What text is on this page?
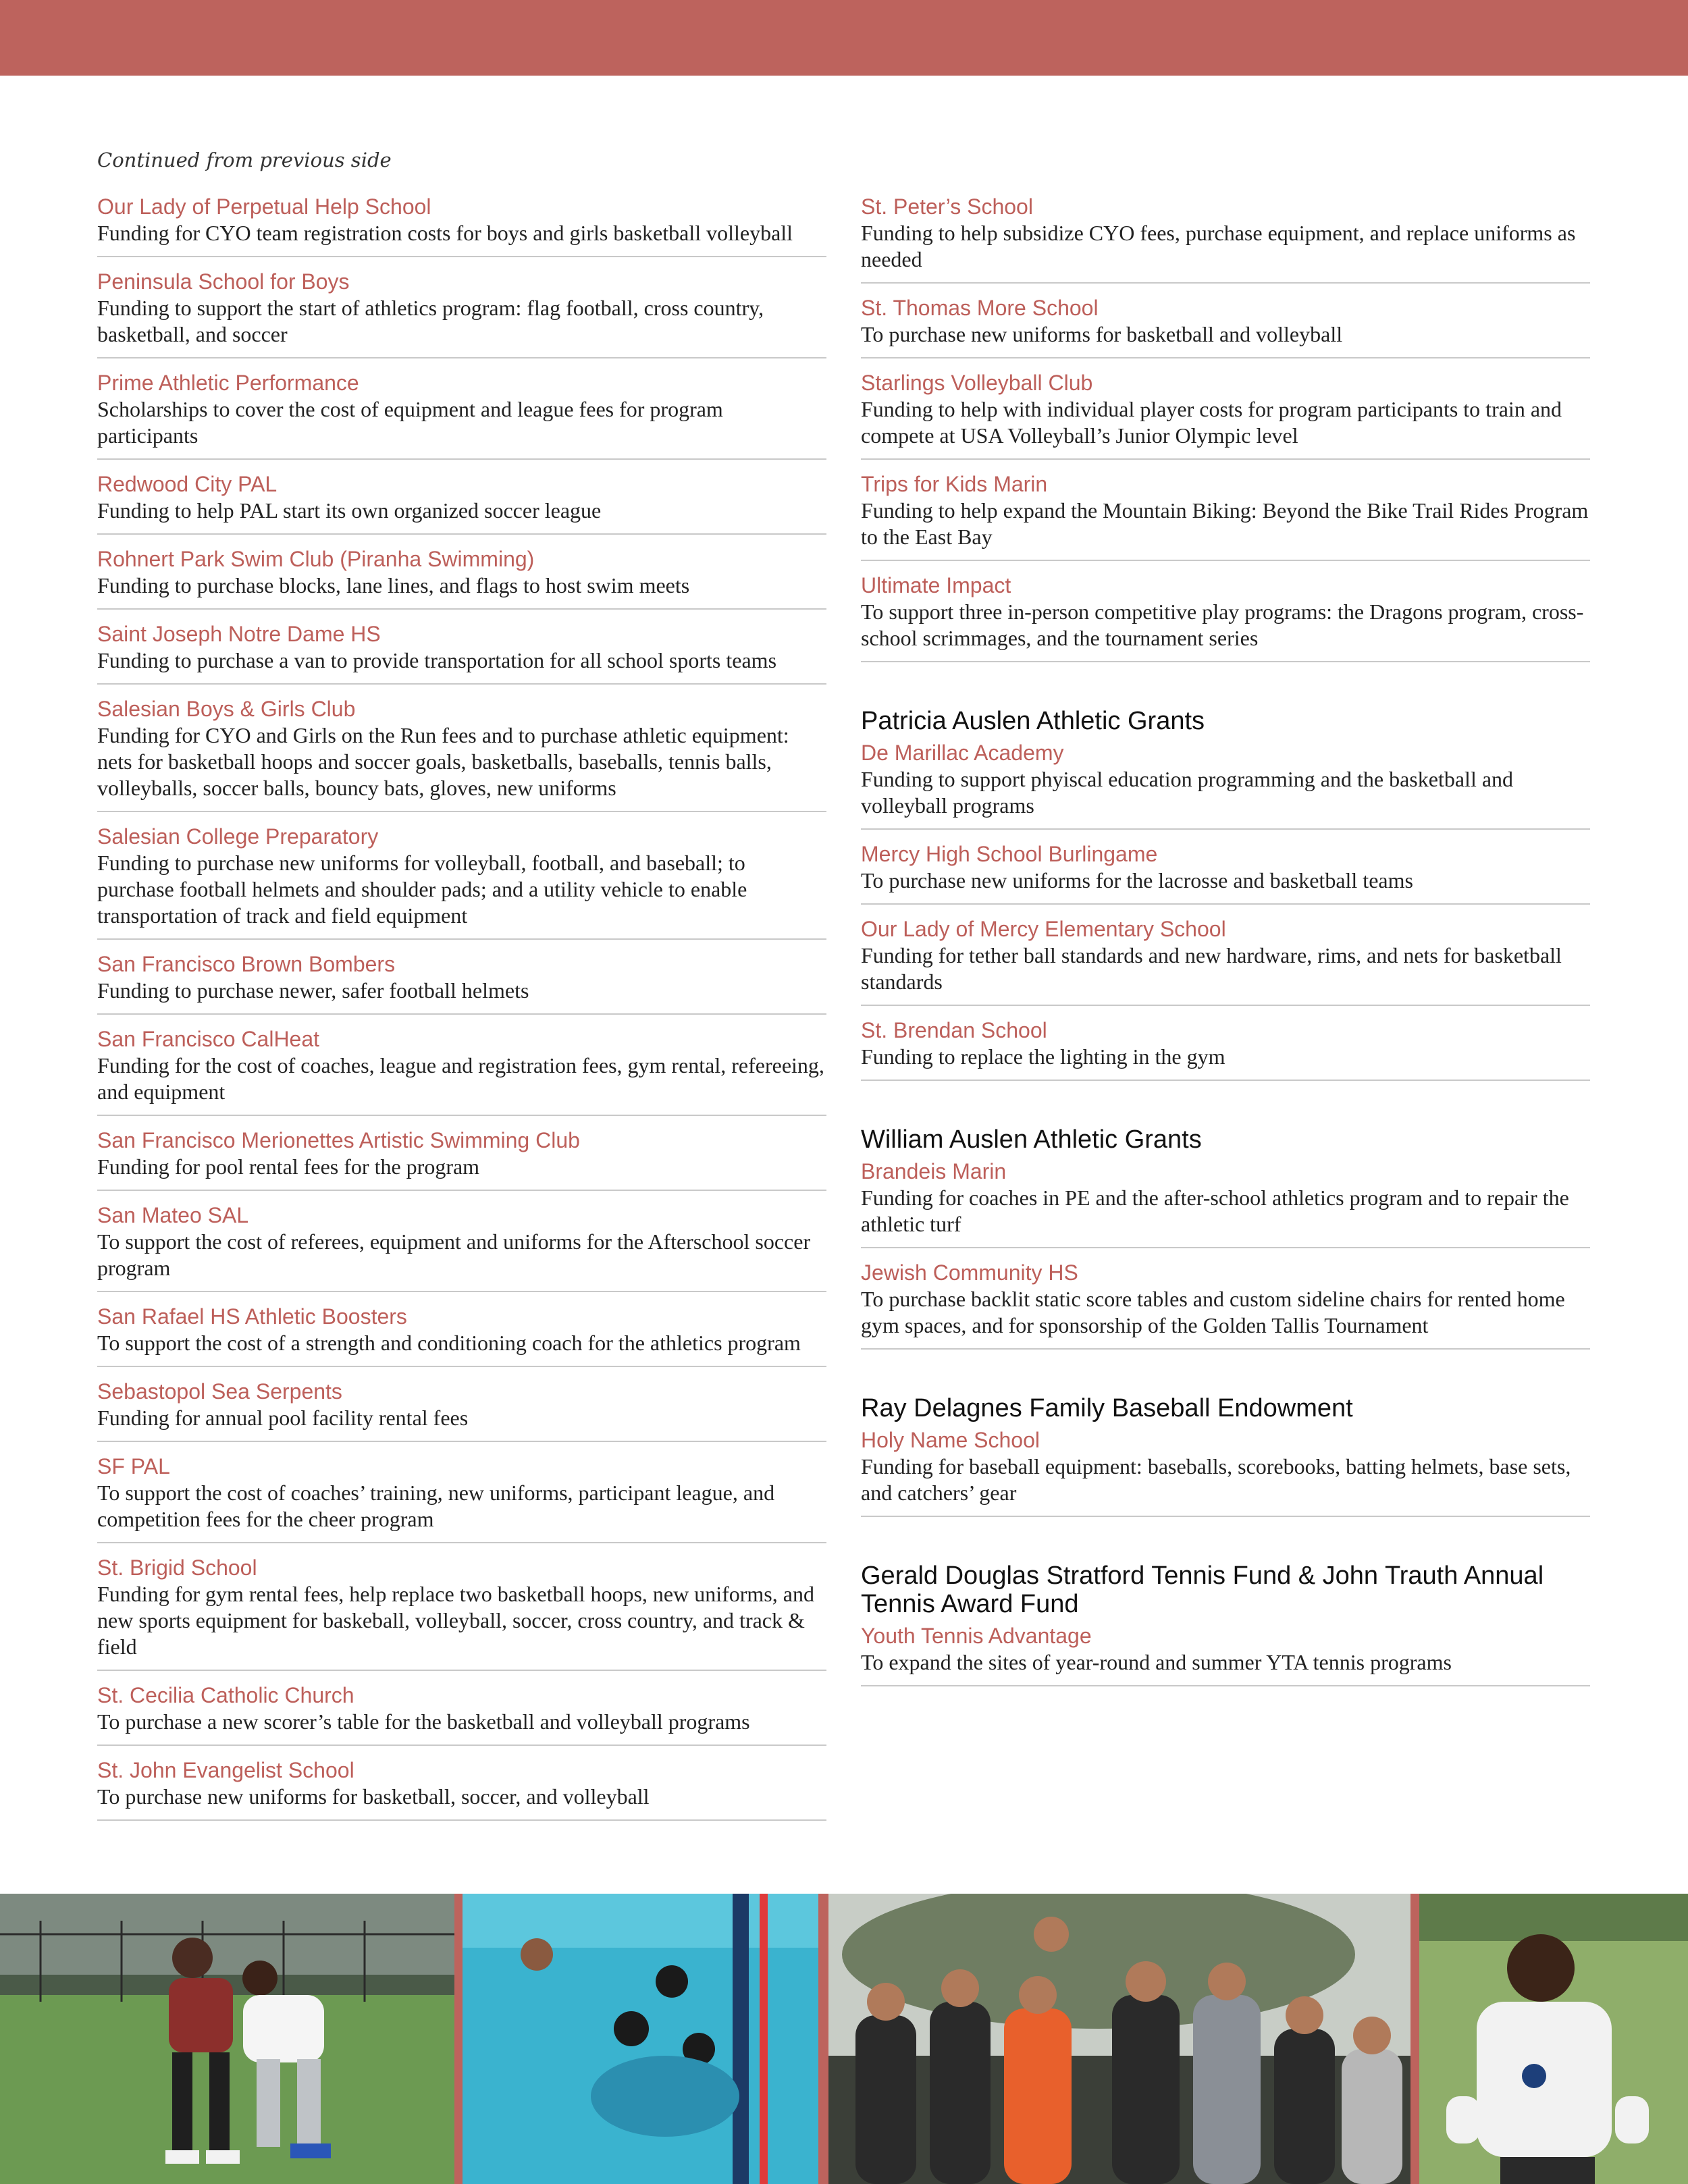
Continued from previous side

Our Lady of Perpetual Help School

Funding for CYO team registration costs for boys and girls basketball volleyball

Peninsula School for Boys

Funding to support the start of athletics program: flag football, cross country, basketball, and soccer

Prime Athletic Performance

Scholarships to cover the cost of equipment and league fees for program participants

Redwood City PAL

Funding to help PAL start its own organized soccer league

Rohnert Park Swim Club (Piranha Swimming)

Funding to purchase blocks, lane lines, and flags to host swim meets

Saint Joseph Notre Dame HS

Funding to purchase a van to provide transportation for all school sports teams

Salesian Boys & Girls Club

Funding for CYO and Girls on the Run fees and to purchase athletic equipment: nets for basketball hoops and soccer goals, basketballs, baseballs, tennis balls, volleyballs, soccer balls, bouncy bats, gloves, new uniforms

Salesian College Preparatory

Funding to purchase new uniforms for volleyball, football, and baseball; to purchase football helmets and shoulder pads; and a utility vehicle to enable transportation of track and field equipment

San Francisco Brown Bombers

Funding to purchase newer, safer football helmets

San Francisco CalHeat

Funding for the cost of coaches, league and registration fees, gym rental, refereeing, and equipment

San Francisco Merionettes Artistic Swimming Club

Funding for pool rental fees for the program

San Mateo SAL

To support the cost of referees, equipment and uniforms for the Afterschool soccer program

San Rafael HS Athletic Boosters

To support the cost of a strength and conditioning coach for the athletics program

Sebastopol Sea Serpents

Funding for annual pool facility rental fees

SF PAL

To support the cost of coaches’ training, new uniforms, participant league, and competition fees for the cheer program

St. Brigid School

Funding for gym rental fees, help replace two basketball hoops, new uniforms, and new sports equipment for baskeball, volleyball, soccer, cross country, and track & field

St. Cecilia Catholic Church

To purchase a new scorer’s table for the basketball and volleyball programs

St. John Evangelist School

To purchase new uniforms for basketball, soccer, and volleyball

St. Peter’s School

Funding to help subsidize CYO fees, purchase equipment, and replace uniforms as needed

St. Thomas More School

To purchase new uniforms for basketball and volleyball

Starlings Volleyball Club

Funding to help with individual player costs for program participants to train and compete at USA Volleyball’s Junior Olympic level

Trips for Kids Marin

Funding to help expand the Mountain Biking: Beyond the Bike Trail Rides Program to the East Bay

Ultimate Impact

To support three in-person competitive play programs: the Dragons program, cross-school scrimmages, and the tournament series

Patricia Auslen Athletic Grants

De Marillac Academy

Funding to support phyiscal education programming and the basketball and volleyball programs

Mercy High School Burlingame

To purchase new uniforms for the lacrosse and basketball teams

Our Lady of Mercy Elementary School

Funding for tether ball standards and new hardware, rims, and nets for basketball standards

St. Brendan School

Funding to replace the lighting in the gym

William Auslen Athletic Grants

Brandeis Marin

Funding for coaches in PE and the after-school athletics program and to repair the athletic turf

Jewish Community HS

To purchase backlit static score tables and custom sideline chairs for rented home gym spaces, and for sponsorship of the Golden Tallis Tournament

Ray Delagnes Family Baseball Endowment

Holy Name School

Funding for baseball equipment: baseballs, scorebooks, batting helmets, base sets, and catchers’ gear

Gerald Douglas Stratford Tennis Fund & John Trauth Annual Tennis Award Fund

Youth Tennis Advantage

To expand the sites of year-round and summer YTA tennis programs
